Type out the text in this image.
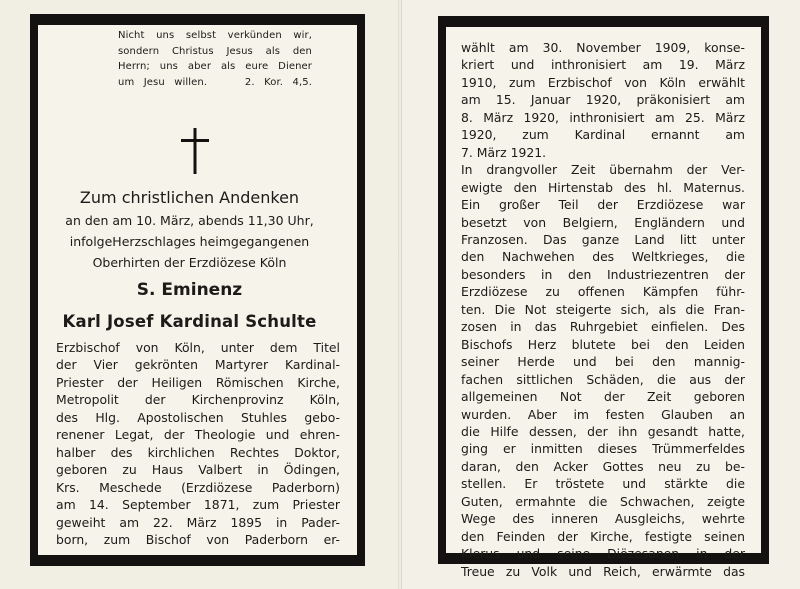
Nicht uns selbst verkünden wir,
sondern Christus Jesus als den
Herrn; uns aber als eure Diener
um Jesu willen.    2. Kor. 4,5.
Zum christlichen Andenken
an den am 10. März, abends 11,30 Uhr,
infolgeHerzschlages heimgegangenen
Oberhirten der Erzdiözese Köln
S. Eminenz
Karl Josef Kardinal Schulte
Erzbischof von Köln, unter dem Titel
der Vier gekrönten Martyrer Kardinal-
Priester der Heiligen Römischen Kirche,
Metropolit der Kirchenprovinz Köln,
des Hlg. Apostolischen Stuhles gebo-
renener Legat, der Theologie und ehren-
halber des kirchlichen Rechtes Doktor,
geboren zu Haus Valbert in Ödingen,
Krs. Meschede (Erzdiözese Paderborn)
am 14. September 1871, zum Priester
geweiht am 22. März 1895 in Pader-
born, zum Bischof von Paderborn er-
wählt am 30. November 1909, konse-
kriert und inthronisiert am 19. März
1910, zum Erzbischof von Köln erwählt
am 15. Januar 1920, präkonisiert am
8. März 1920, inthronisiert am 25. März
1920, zum Kardinal ernannt am
7. März 1921.
In drangvoller Zeit übernahm der Ver-
ewigte den Hirtenstab des hl. Maternus.
Ein großer Teil der Erzdiözese war
besetzt von Belgiern, Engländern und
Franzosen. Das ganze Land litt unter
den Nachwehen des Weltkrieges, die
besonders in den Industriezentren der
Erzdiözese zu offenen Kämpfen führ-
ten. Die Not steigerte sich, als die Fran-
zosen in das Ruhrgebiet einfielen. Des
Bischofs Herz blutete bei den Leiden
seiner Herde und bei den mannig-
fachen sittlichen Schäden, die aus der
allgemeinen Not der Zeit geboren
wurden. Aber im festen Glauben an
die Hilfe dessen, der ihn gesandt hatte,
ging er inmitten dieses Trümmerfeldes
daran, den Acker Gottes neu zu be-
stellen. Er tröstete und stärkte die
Guten, ermahnte die Schwachen, zeigte
Wege des inneren Ausgleichs, wehrte
den Feinden der Kirche, festigte seinen
Klerus und seine Diözesanen in der
Treue zu Volk und Reich, erwärmte das
